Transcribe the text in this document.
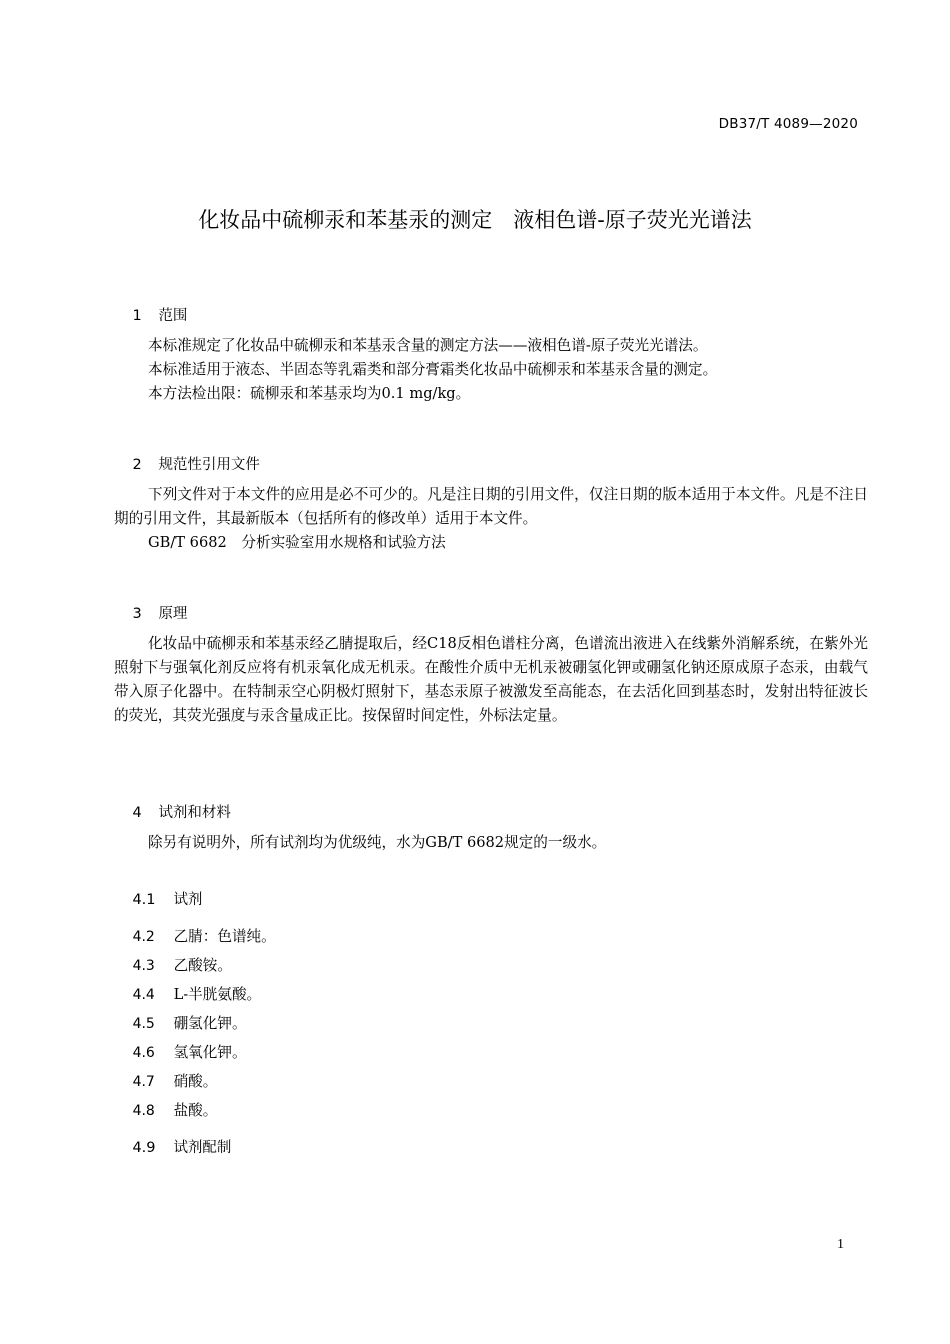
DB37/T 4089—2020
化妆品中硫柳汞和苯基汞的测定　液相色谱-原子荧光光谱法

1 范围

本标准规定了化妆品中硫柳汞和苯基汞含量的测定方法——液相色谱-原子荧光光谱法。

本标准适用于液态、半固态等乳霜类和部分膏霜类化妆品中硫柳汞和苯基汞含量的测定。

本方法检出限：硫柳汞和苯基汞均为0.1 mg/kg。

2 规范性引用文件

下列文件对于本文件的应用是必不可少的。凡是注日期的引用文件，仅注日期的版本适用于本文件。凡是不注日期的引用文件，其最新版本（包括所有的修改单）适用于本文件。

GB/T 6682　分析实验室用水规格和试验方法

3 原理

化妆品中硫柳汞和苯基汞经乙腈提取后，经C18反相色谱柱分离，色谱流出液进入在线紫外消解系统，在紫外光照射下与强氧化剂反应将有机汞氧化成无机汞。在酸性介质中无机汞被硼氢化钾或硼氢化钠还原成原子态汞，由载气带入原子化器中。在特制汞空心阴极灯照射下，基态汞原子被激发至高能态，在去活化回到基态时，发射出特征波长的荧光，其荧光强度与汞含量成正比。按保留时间定性，外标法定量。

4 试剂和材料

除另有说明外，所有试剂均为优级纯，水为GB/T 6682规定的一级水。

4.1 试剂

4.2 乙腈：色谱纯。

4.3 乙酸铵。

4.4 L-半胱氨酸。

4.5 硼氢化钾。

4.6 氢氧化钾。

4.7 硝酸。

4.8 盐酸。

4.9 试剂配制

1
